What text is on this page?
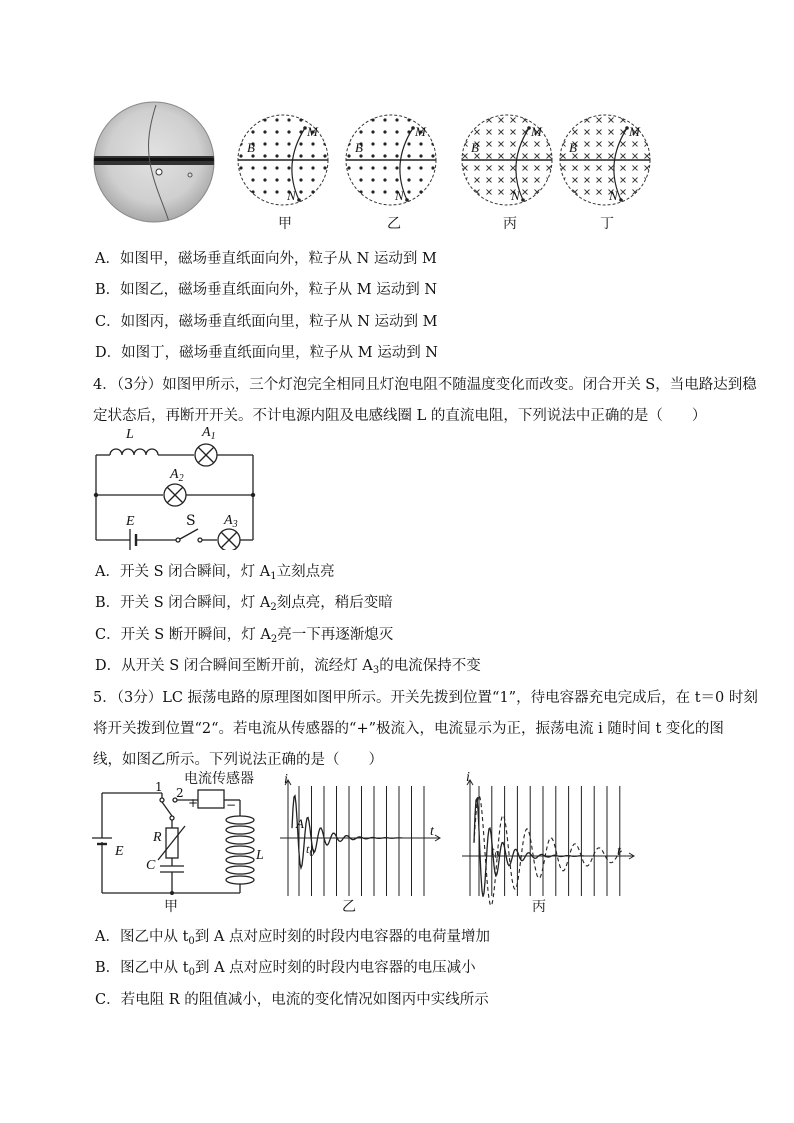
M
N
B
M
N
B
M
N
B
M
N
B
甲	乙	丙	丁
A．如图甲，磁场垂直纸面向外，粒子从 N 运动到 M
B．如图乙，磁场垂直纸面向外，粒子从 M 运动到 N
C．如图丙，磁场垂直纸面向里，粒子从 N 运动到 M
D．如图丁，磁场垂直纸面向里，粒子从 M 运动到 N
4．（3分）如图甲所示，三个灯泡完全相同且灯泡电阻不随温度变化而改变。闭合开关 S，当电路达到稳
定状态后，再断开开关。不计电源内阻及电感线圈 L 的直流电阻，下列说法中正确的是（　　）
L	$A_1$
$A_2$
$A_3$
E	S
A．开关 S 闭合瞬间，灯 $A_1$立刻点亮
B．开关 S 闭合瞬间，灯 $A_2$刻点亮，稍后变暗
C．开关 S 断开瞬间，灯 $A_2$亮一下再逐渐熄灭
D．从开关 S 闭合瞬间至断开前，流经灯 $A_3$的电流保持不变
5．（3分）LC 振荡电路的原理图如图甲所示。开关先拨到位置“1”，待电容器充电完成后，在 t＝0 时刻
将开关拨到位置“2“。若电流从传感器的“+”极流入，电流显示为正，振荡电流 i 随时间 t 变化的图
线，如图乙所示。下列说法正确的是（　　）
电流传感器
1 2
+ −
E
R
C
L
甲
i
t
A
$t_0$
乙
i
t
$t_0$
丙
A．图乙中从 $t_0$到 A 点对应时刻的时段内电容器的电荷量增加
B．图乙中从 $t_0$到 A 点对应时刻的时段内电容器的电压减小
C．若电阻 R 的阻值减小，电流的变化情况如图丙中实线所示
